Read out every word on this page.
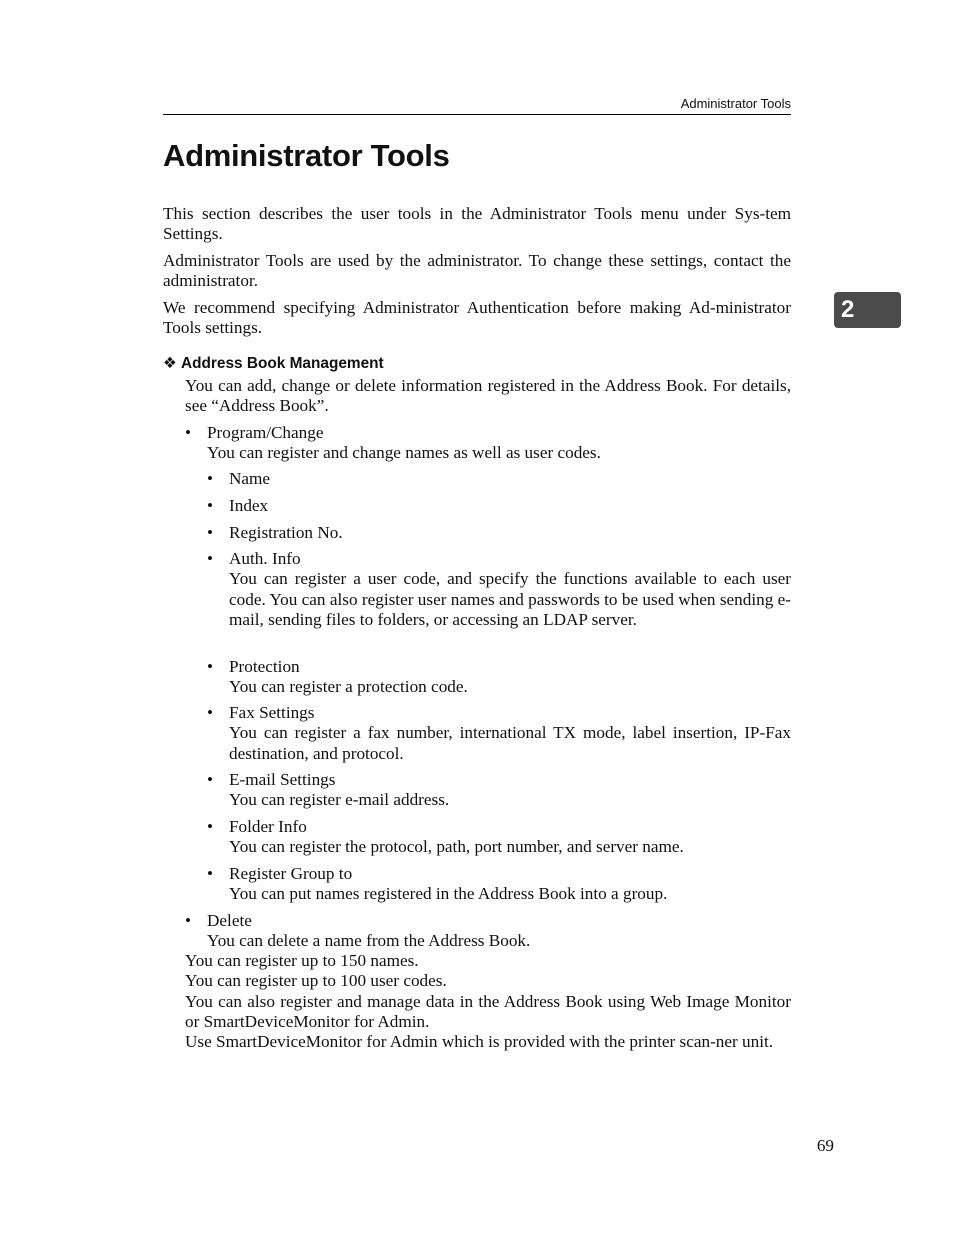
Administrator Tools
2
Administrator Tools

This section describes the user tools in the Administrator Tools menu under Sys-tem Settings.

Administrator Tools are used by the administrator. To change these settings, contact the administrator.

We recommend specifying Administrator Authentication before making Ad-ministrator Tools settings.

❖ Address Book Management

You can add, change or delete information registered in the Address Book. For details, see “Address Book”.

• Program/Change
You can register and change names as well as user codes.
• Name
• Index
• Registration No.
• Auth. Info
You can register a user code, and specify the functions available to each user code. You can also register user names and passwords to be used when sending e-mail, sending files to folders, or accessing an LDAP server.
• Protection
You can register a protection code.
• Fax Settings
You can register a fax number, international TX mode, label insertion, IP-Fax destination, and protocol.
• E-mail Settings
You can register e-mail address.
• Folder Info
You can register the protocol, path, port number, and server name.
• Register Group to
You can put names registered in the Address Book into a group.
• Delete
You can delete a name from the Address Book.

You can register up to 150 names.

You can register up to 100 user codes.

You can also register and manage data in the Address Book using Web Image Monitor or SmartDeviceMonitor for Admin.

Use SmartDeviceMonitor for Admin which is provided with the printer scan-ner unit.

69
